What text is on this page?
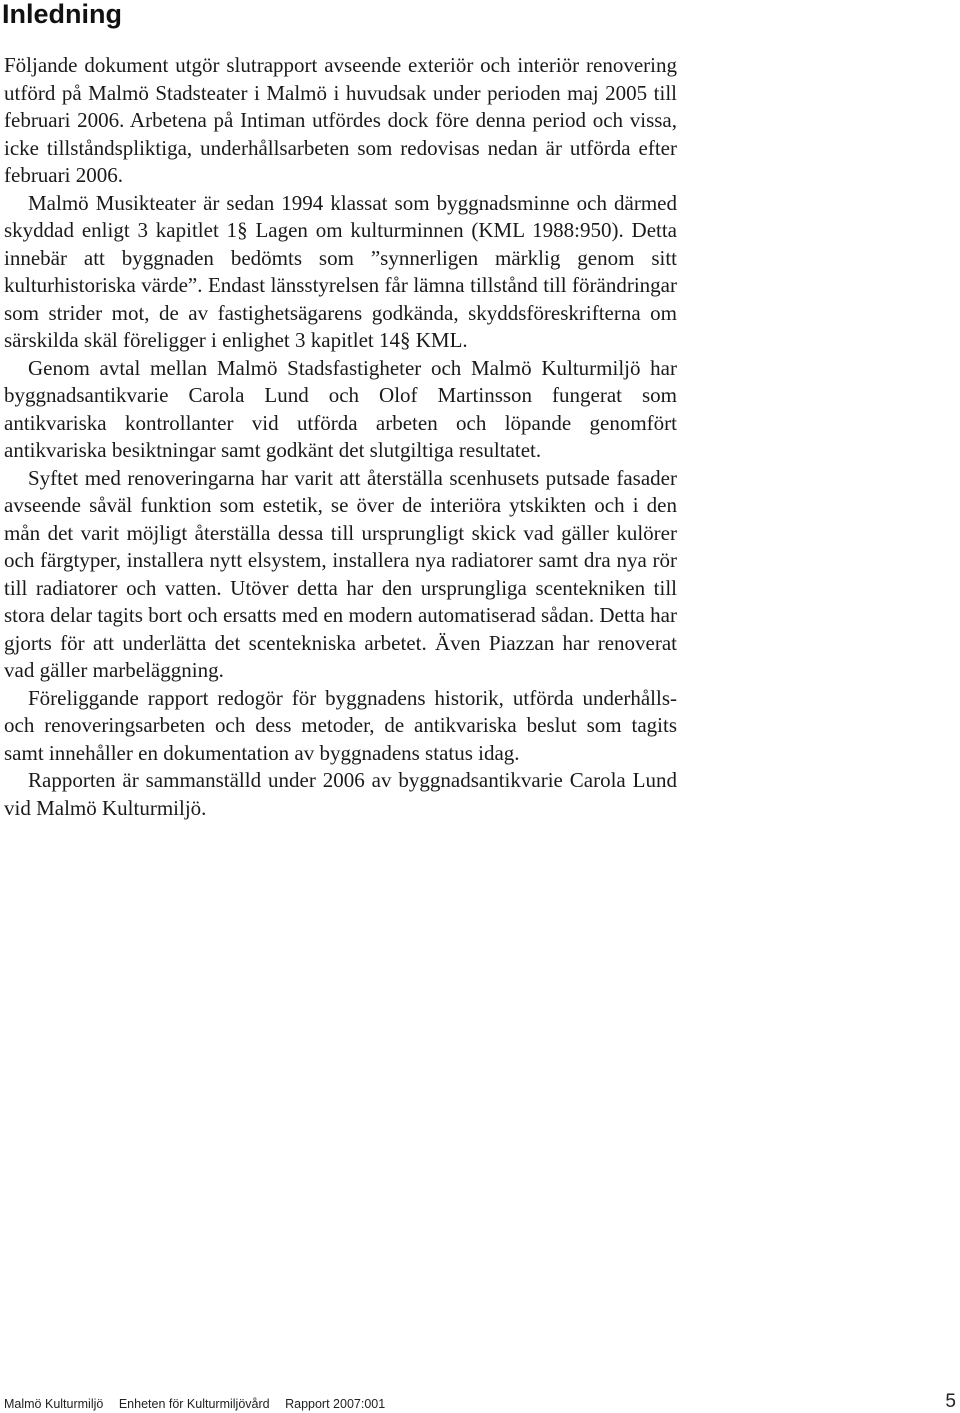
Inledning

Följande dokument utgör slutrapport avseende exteriör och interiör renovering utförd på Malmö Stadsteater i Malmö i huvudsak under perioden maj 2005 till februari 2006. Arbetena på Intiman utfördes dock före denna period och vissa, icke tillståndspliktiga, underhållsarbeten som redovisas nedan är utförda efter februari 2006.

Malmö Musikteater är sedan 1994 klassat som byggnadsminne och därmed skyddad enligt 3 kapitlet 1§ Lagen om kulturminnen (KML 1988:950). Detta innebär att byggnaden bedömts som ”synnerligen märklig genom sitt kulturhistoriska värde”. Endast länsstyrelsen får lämna tillstånd till förändringar som strider mot, de av fastighetsägarens godkända, skyddsföreskrifterna om särskilda skäl föreligger i enlighet 3 kapitlet 14§ KML.

Genom avtal mellan Malmö Stadsfastigheter och Malmö Kulturmiljö har byggnadsantikvarie Carola Lund och Olof Martinsson fungerat som antikvariska kontrollanter vid utförda arbeten och löpande genomfört antikvariska besiktningar samt godkänt det slutgiltiga resultatet.

Syftet med renoveringarna har varit att återställa scenhusets putsade fasader avseende såväl funktion som estetik, se över de interiöra ytskikten och i den mån det varit möjligt återställa dessa till ursprungligt skick vad gäller kulörer och färgtyper, installera nytt elsystem, installera nya radiatorer samt dra nya rör till radiatorer och vatten. Utöver detta har den ursprungliga scentekniken till stora delar tagits bort och ersatts med en modern automatiserad sådan. Detta har gjorts för att underlätta det scentekniska arbetet. Även Piazzan har renoverat vad gäller marbeläggning.

Föreliggande rapport redogör för byggnadens historik, utförda underhålls- och renoveringsarbeten och dess metoder, de antikvariska beslut som tagits samt innehåller en dokumentation av byggnadens status idag.

Rapporten är sammanställd under 2006 av byggnadsantikvarie Carola Lund vid Malmö Kulturmiljö.

Malmö Kulturmiljö Enheten för Kulturmiljövård Rapport 2007:001	5
